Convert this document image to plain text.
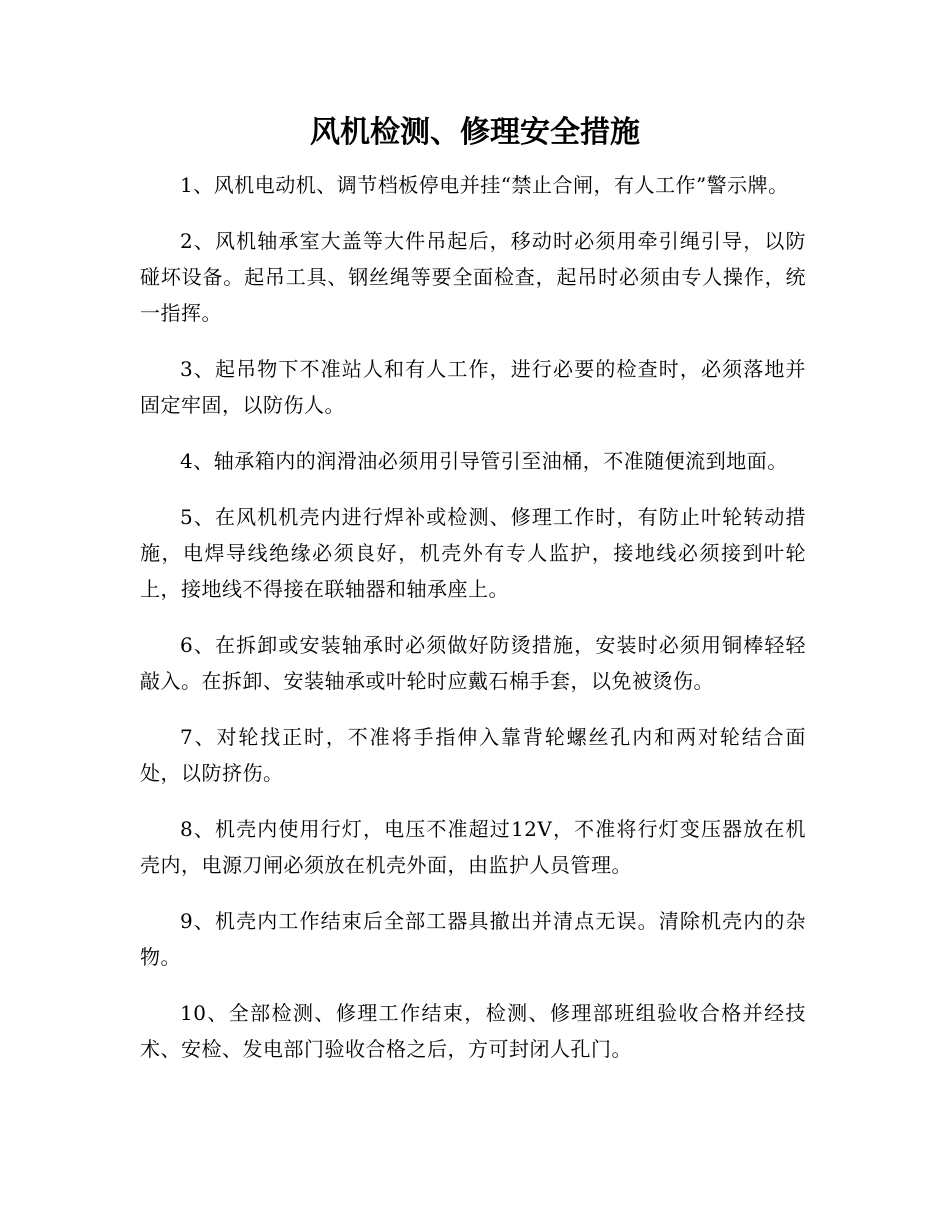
风机检测、修理安全措施

1、风机电动机、调节档板停电并挂“禁止合闸，有人工作”警示牌。

2、风机轴承室大盖等大件吊起后，移动时必须用牵引绳引导，以防碰坏设备。起吊工具、钢丝绳等要全面检查，起吊时必须由专人操作，统一指挥。

3、起吊物下不准站人和有人工作，进行必要的检查时，必须落地并固定牢固，以防伤人。

4、轴承箱内的润滑油必须用引导管引至油桶，不准随便流到地面。

5、在风机机壳内进行焊补或检测、修理工作时，有防止叶轮转动措施，电焊导线绝缘必须良好，机壳外有专人监护，接地线必须接到叶轮上，接地线不得接在联轴器和轴承座上。

6、在拆卸或安装轴承时必须做好防烫措施，安装时必须用铜棒轻轻敲入。在拆卸、安装轴承或叶轮时应戴石棉手套，以免被烫伤。

7、对轮找正时，不准将手指伸入靠背轮螺丝孔内和两对轮结合面处，以防挤伤。

8、机壳内使用行灯，电压不准超过12V，不准将行灯变压器放在机壳内，电源刀闸必须放在机壳外面，由监护人员管理。

9、机壳内工作结束后全部工器具撤出并清点无误。清除机壳内的杂物。

10、全部检测、修理工作结束，检测、修理部班组验收合格并经技术、安检、发电部门验收合格之后，方可封闭人孔门。
